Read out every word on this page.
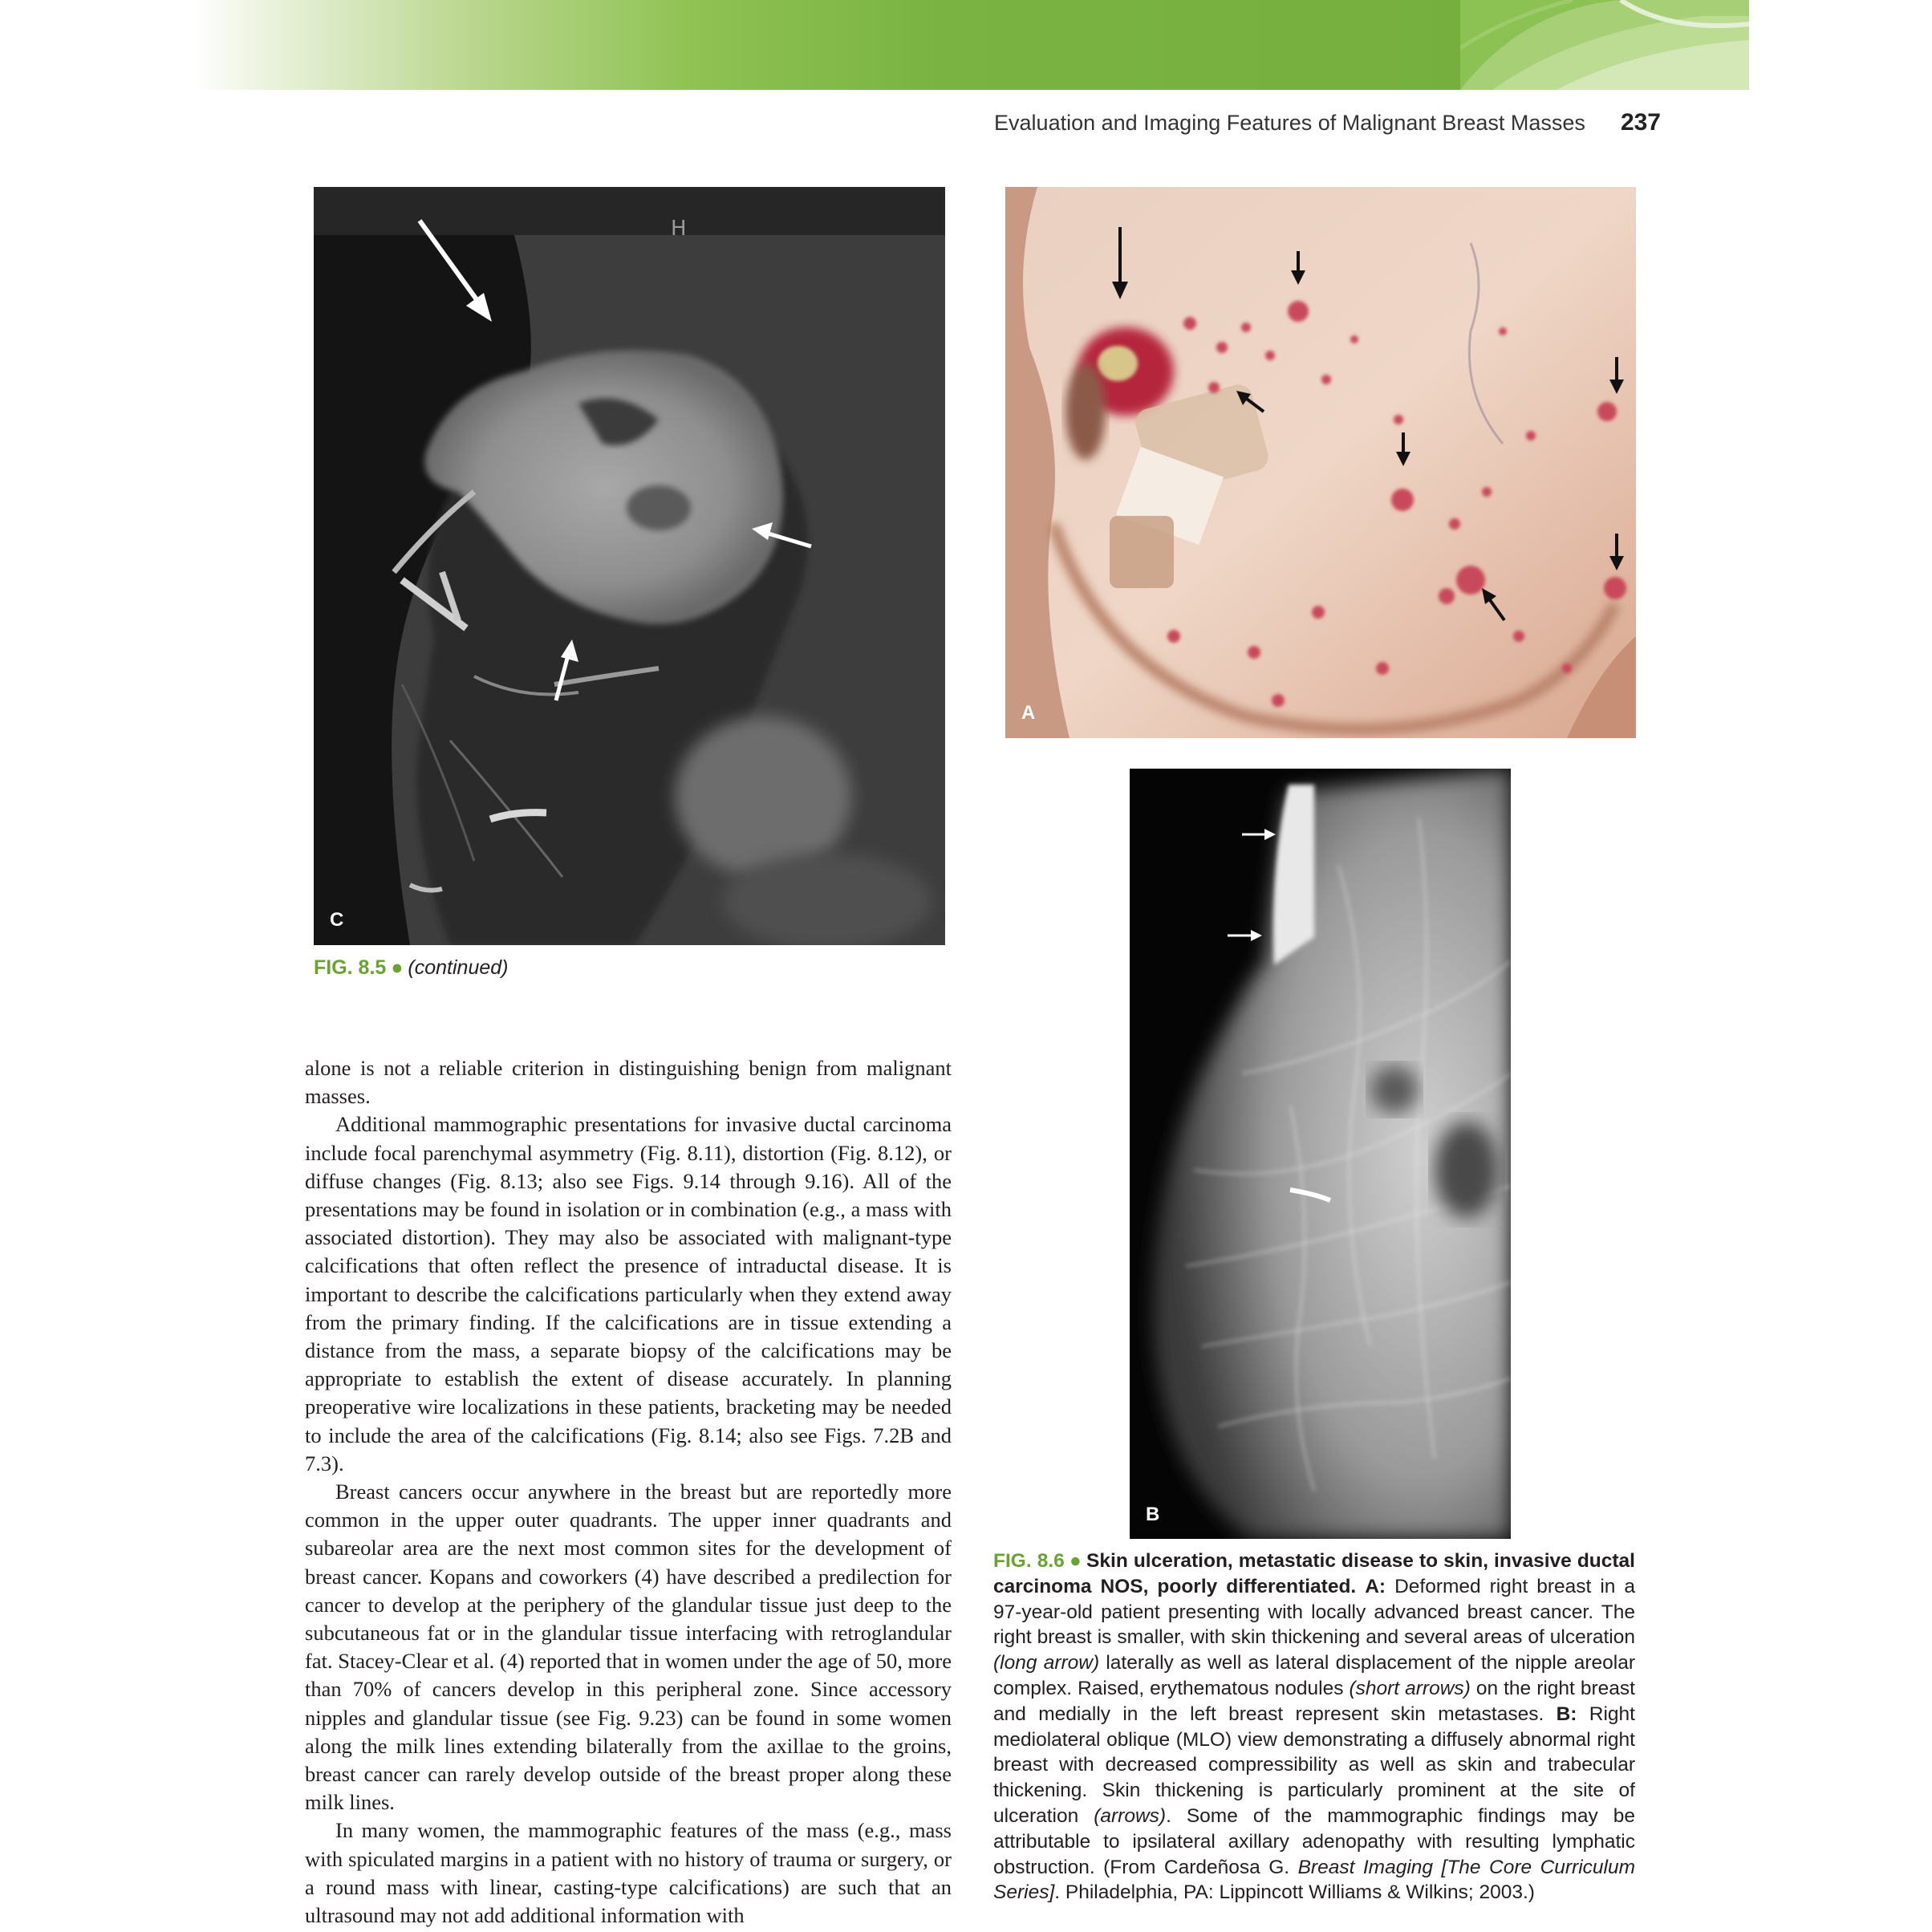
Evaluation and Imaging Features of Malignant Breast Masses 237
H
C
A
B
FIG. 8.5 ● (continued)

alone is not a reliable criterion in distinguishing benign from malignant masses.

Additional mammographic presentations for invasive ductal carcinoma include focal parenchymal asymmetry (Fig. 8.11), distortion (Fig. 8.12), or diffuse changes (Fig. 8.13; also see Figs. 9.14 through 9.16). All of the presentations may be found in isolation or in combination (e.g., a mass with associated distortion). They may also be associated with malignant-type calcifications that often reflect the presence of intraductal disease. It is important to describe the calcifications particularly when they extend away from the primary finding. If the calcifications are in tissue extending a distance from the mass, a separate biopsy of the calcifications may be appropriate to establish the extent of disease accurately. In planning preoperative wire localizations in these patients, bracketing may be needed to include the area of the calcifications (Fig. 8.14; also see Figs. 7.2B and 7.3).

Breast cancers occur anywhere in the breast but are reportedly more common in the upper outer quadrants. The upper inner quadrants and subareolar area are the next most common sites for the development of breast cancer. Kopans and coworkers (4) have described a predilection for cancer to develop at the periphery of the glandular tissue just deep to the subcutaneous fat or in the glandular tissue interfacing with retroglandular fat. Stacey-Clear et al. (4) reported that in women under the age of 50, more than 70% of cancers develop in this peripheral zone. Since accessory nipples and glandular tissue (see Fig. 9.23) can be found in some women along the milk lines extending bilaterally from the axillae to the groins, breast cancer can rarely develop outside of the breast proper along these milk lines.

In many women, the mammographic features of the mass (e.g., mass with spiculated margins in a patient with no history of trauma or surgery, or a round mass with linear, casting-type calcifications) are such that an ultrasound may not add additional information with

FIG. 8.6 ● Skin ulceration, metastatic disease to skin, invasive ductal carcinoma NOS, poorly differentiated. A: Deformed right breast in a 97-year-old patient presenting with locally advanced breast cancer. The right breast is smaller, with skin thickening and several areas of ulceration (long arrow) laterally as well as lateral displacement of the nipple areolar complex. Raised, erythematous nodules (short arrows) on the right breast and medially in the left breast represent skin metastases. B: Right mediolateral oblique (MLO) view demonstrating a diffusely abnormal right breast with decreased compressibility as well as skin and trabecular thickening. Skin thickening is particularly prominent at the site of ulceration (arrows). Some of the mammographic findings may be attributable to ipsilateral axillary adenopathy with resulting lymphatic obstruction. (From Cardeñosa G. Breast Imaging [The Core Curriculum Series]. Philadelphia, PA: Lippincott Williams & Wilkins; 2003.)
